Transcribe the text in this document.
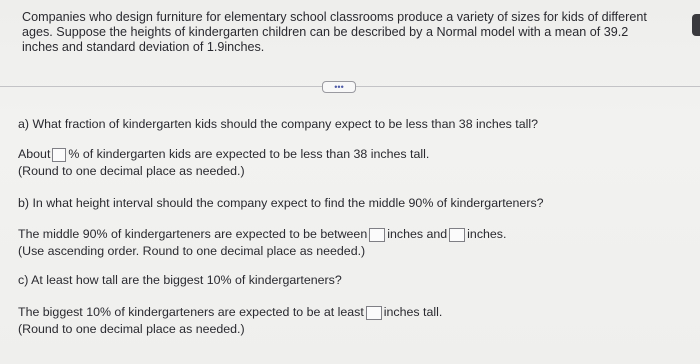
Companies who design furniture for elementary school classrooms produce a variety of sizes for kids of different
ages. Suppose the heights of kindergarten children can be described by a Normal model with a mean of 39.2
inches and standard deviation of 1.9inches.
•••
a) What fraction of kindergarten kids should the company expect to be less than 38 inches tall?
About % of kindergarten kids are expected to be less than 38 inches tall.
(Round to one decimal place as needed.)
b) In what height interval should the company expect to find the middle 90% of kindergarteners?
The middle 90% of kindergarteners are expected to be between inches and inches.
(Use ascending order. Round to one decimal place as needed.)
c) At least how tall are the biggest 10% of kindergarteners?
The biggest 10% of kindergarteners are expected to be at least inches tall.
(Round to one decimal place as needed.)
